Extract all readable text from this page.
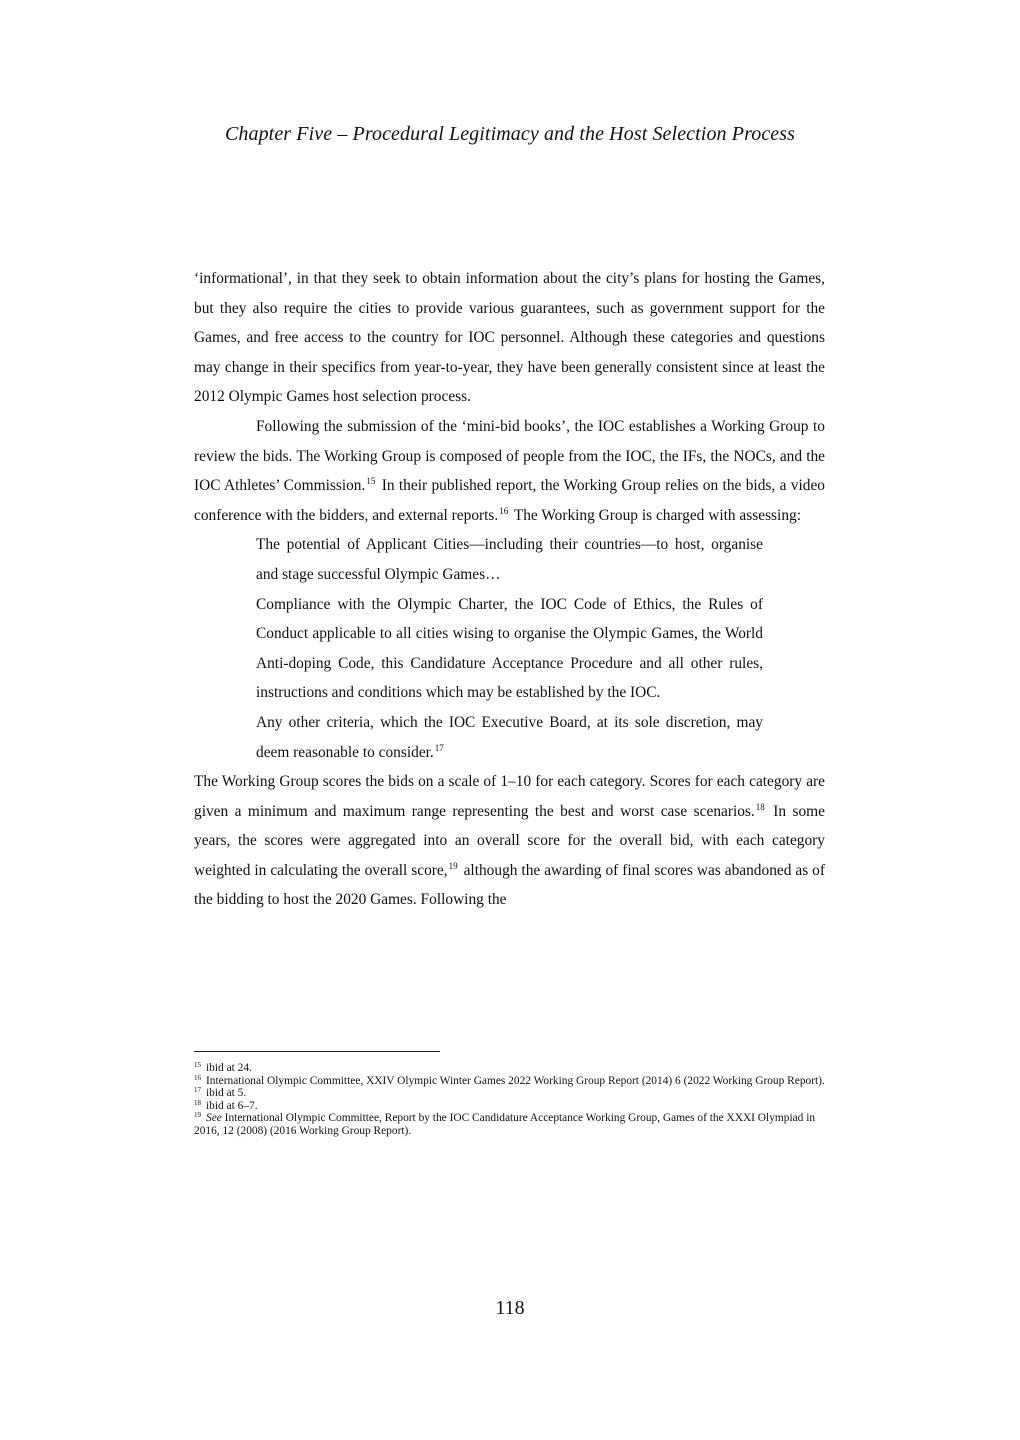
Chapter Five – Procedural Legitimacy and the Host Selection Process

‘informational’, in that they seek to obtain information about the city’s plans for hosting the Games, but they also require the cities to provide various guarantees, such as government support for the Games, and free access to the country for IOC personnel. Although these categories and questions may change in their specifics from year-to-year, they have been generally consistent since at least the 2012 Olympic Games host selection process.

Following the submission of the ‘mini-bid books’, the IOC establishes a Working Group to review the bids. The Working Group is composed of people from the IOC, the IFs, the NOCs, and the IOC Athletes’ Commission.$^{15}$ In their published report, the Working Group relies on the bids, a video conference with the bidders, and external reports.$^{16}$ The Working Group is charged with assessing:

The potential of Applicant Cities—including their countries—to host, organise and stage successful Olympic Games…

Compliance with the Olympic Charter, the IOC Code of Ethics, the Rules of Conduct applicable to all cities wising to organise the Olympic Games, the World Anti-doping Code, this Candidature Acceptance Procedure and all other rules, instructions and conditions which may be established by the IOC.

Any other criteria, which the IOC Executive Board, at its sole discretion, may deem reasonable to consider.$^{17}$

The Working Group scores the bids on a scale of 1–10 for each category. Scores for each category are given a minimum and maximum range representing the best and worst case scenarios.$^{18}$ In some years, the scores were aggregated into an overall score for the overall bid, with each category weighted in calculating the overall score,$^{19}$ although the awarding of final scores was abandoned as of the bidding to host the 2020 Games. Following the

$^{15}$ ibid at 24.

$^{16}$ International Olympic Committee, XXIV Olympic Winter Games 2022 Working Group Report (2014) 6 (2022 Working Group Report).

$^{17}$ ibid at 5.

$^{18}$ ibid at 6–7.

$^{19}$ See International Olympic Committee, Report by the IOC Candidature Acceptance Working Group, Games of the XXXI Olympiad in 2016, 12 (2008) (2016 Working Group Report).

118
